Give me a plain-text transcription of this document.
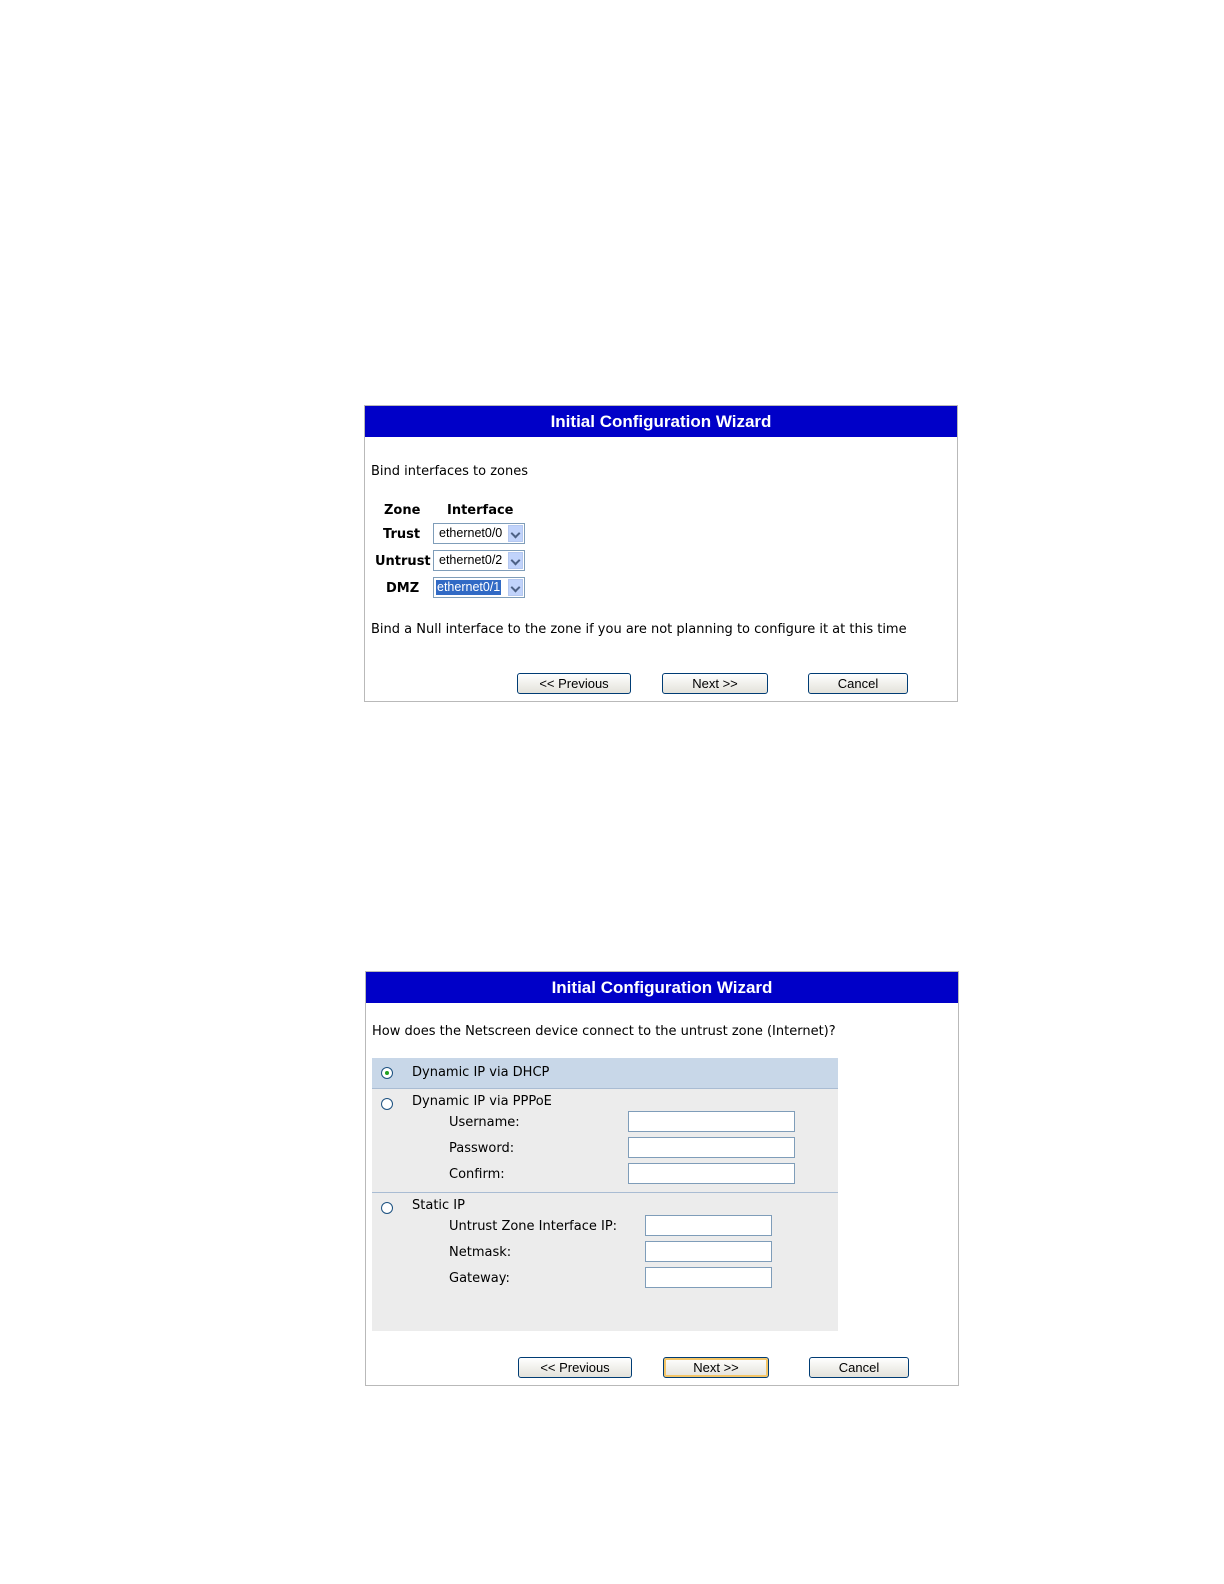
Initial Configuration Wizard
Bind interfaces to zones
Zone Interface
Trust ethernet0/0
Untrust ethernet0/2
DMZ ethernet0/1
Bind a Null interface to the zone if you are not planning to configure it at this time
<< Previous	Next >>	Cancel
Initial Configuration Wizard
How does the Netscreen device connect to the untrust zone (Internet)?
Dynamic IP via DHCP
Dynamic IP via PPPoE
Username:
Password:
Confirm:
Static IP
Untrust Zone Interface IP:
Netmask:
Gateway:
<< Previous	Next >>	Cancel
